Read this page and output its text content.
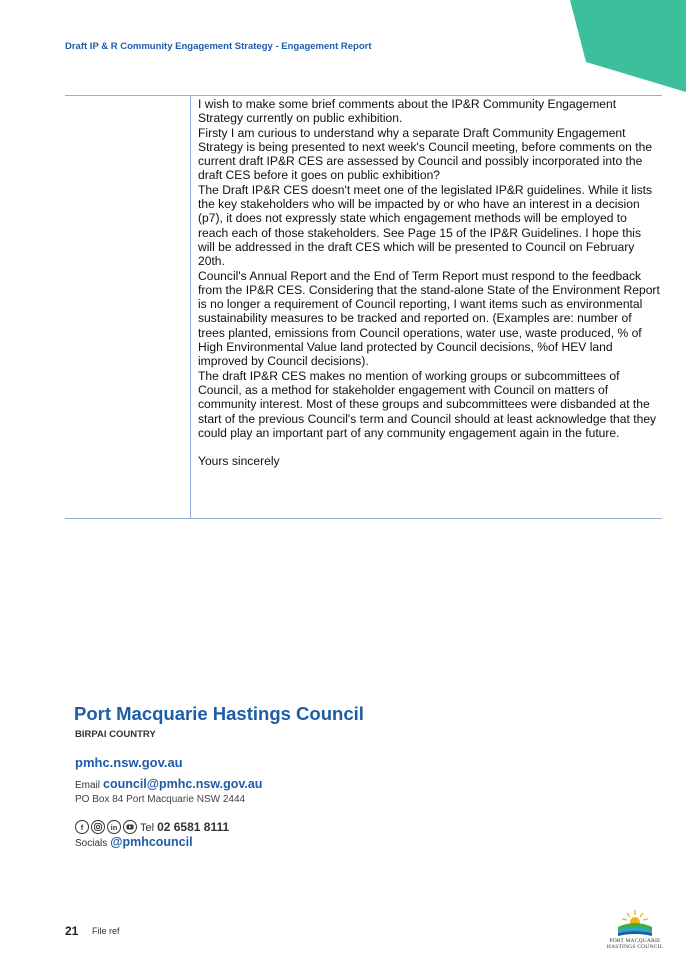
Draft IP & R Community Engagement Strategy - Engagement Report

I wish to make some brief comments about the IP&R Community Engagement Strategy currently on public exhibition.

Firsty I am curious to understand why a separate Draft Community Engagement Strategy is being presented to next week's Council meeting, before comments on the current draft IP&R CES are assessed by Council and possibly incorporated into the draft CES before it goes on public exhibition?

The Draft IP&R CES doesn't meet one of the legislated IP&R guidelines. While it lists the key stakeholders who will be impacted by or who have an interest in a decision (p7), it does not expressly state which engagement methods will be employed to reach each of those stakeholders. See Page 15 of the IP&R Guidelines. I hope this will be addressed in the draft CES which will be presented to Council on February 20th.

Council's Annual Report and the End of Term Report must respond to the feedback from the IP&R CES. Considering that the stand-alone State of the Environment Report is no longer a requirement of Council reporting, I want items such as environmental sustainability measures to be tracked and reported on. (Examples are: number of trees planted, emissions from Council operations, water use, waste produced, % of High Environmental Value land protected by Council decisions, %of HEV land improved by Council decisions).

The draft IP&R CES makes no mention of working groups or subcommittees of Council, as a method for stakeholder engagement with Council on matters of community interest. Most of these groups and subcommittees were disbanded at the start of the previous Council's term and Council should at least acknowledge that they could play an important part of any community engagement again in the future.

Yours sincerely

Port Macquarie Hastings Council
BIRPAI COUNTRY
pmhc.nsw.gov.au
Email council@pmhc.nsw.gov.au
PO Box 84 Port Macquarie NSW 2444
f	in	Tel 02 6581 8111
Socials @pmhcouncil
21 File ref
PORT MACQUARIE
HASTINGS COUNCIL
